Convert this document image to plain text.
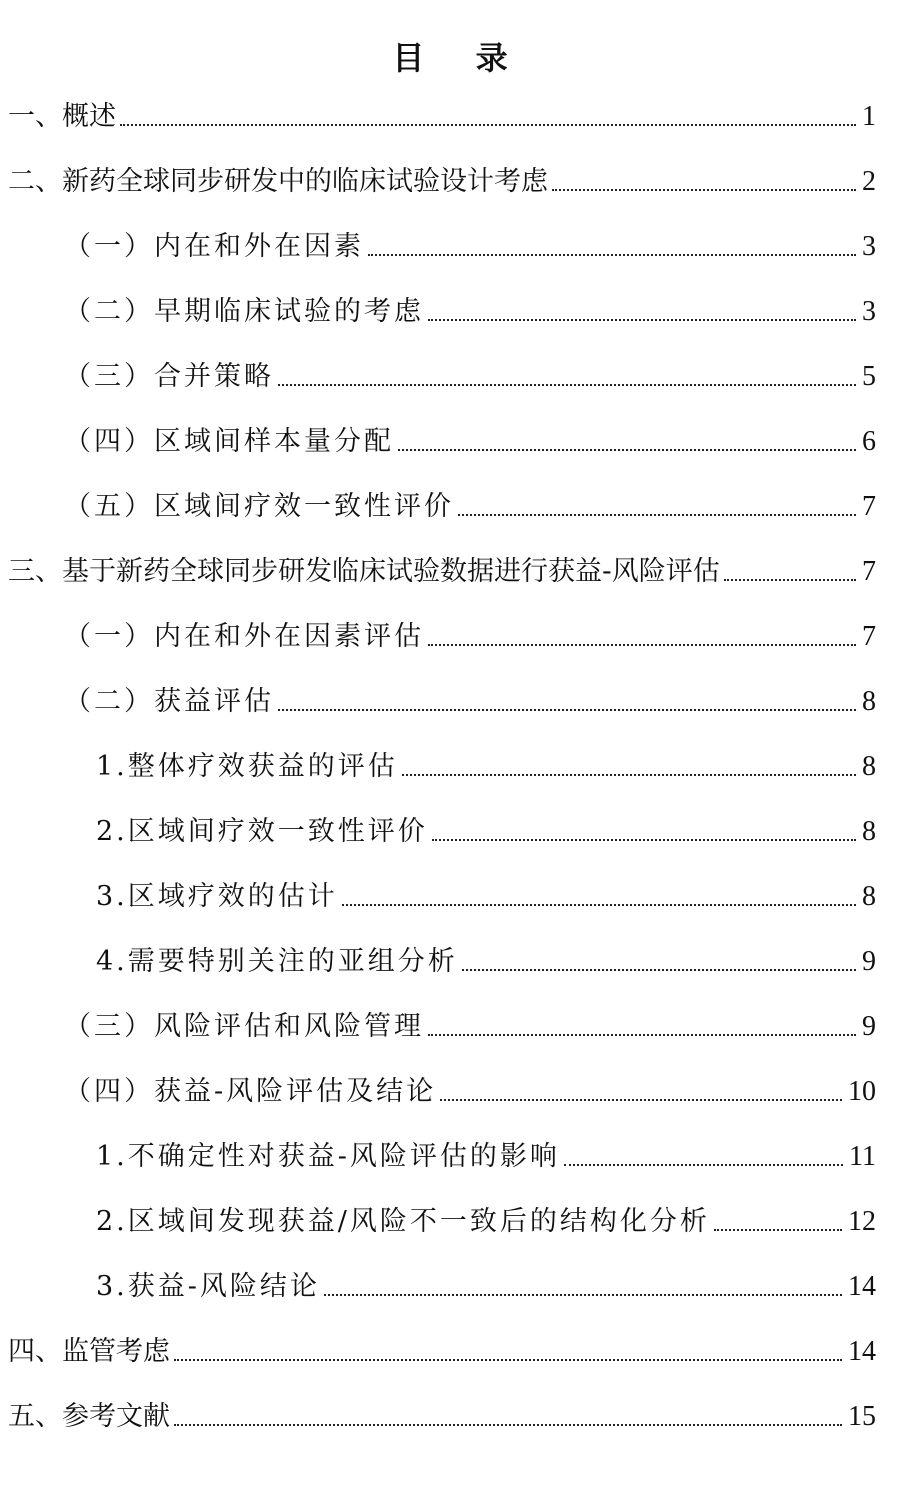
目 录
一、概述	1
二、新药全球同步研发中的临床试验设计考虑	2
（一）内在和外在因素	3
（二）早期临床试验的考虑	3
（三）合并策略	5
（四）区域间样本量分配	6
（五）区域间疗效一致性评价	7
三、基于新药全球同步研发临床试验数据进行获益-风险评估	7
（一）内在和外在因素评估	7
（二）获益评估	8
1.整体疗效获益的评估	8
2.区域间疗效一致性评价	8
3.区域疗效的估计	8
4.需要特别关注的亚组分析	9
（三）风险评估和风险管理	9
（四）获益-风险评估及结论	10
1.不确定性对获益-风险评估的影响	11
2.区域间发现获益/风险不一致后的结构化分析	12
3.获益-风险结论	14
四、监管考虑	14
五、参考文献	15
